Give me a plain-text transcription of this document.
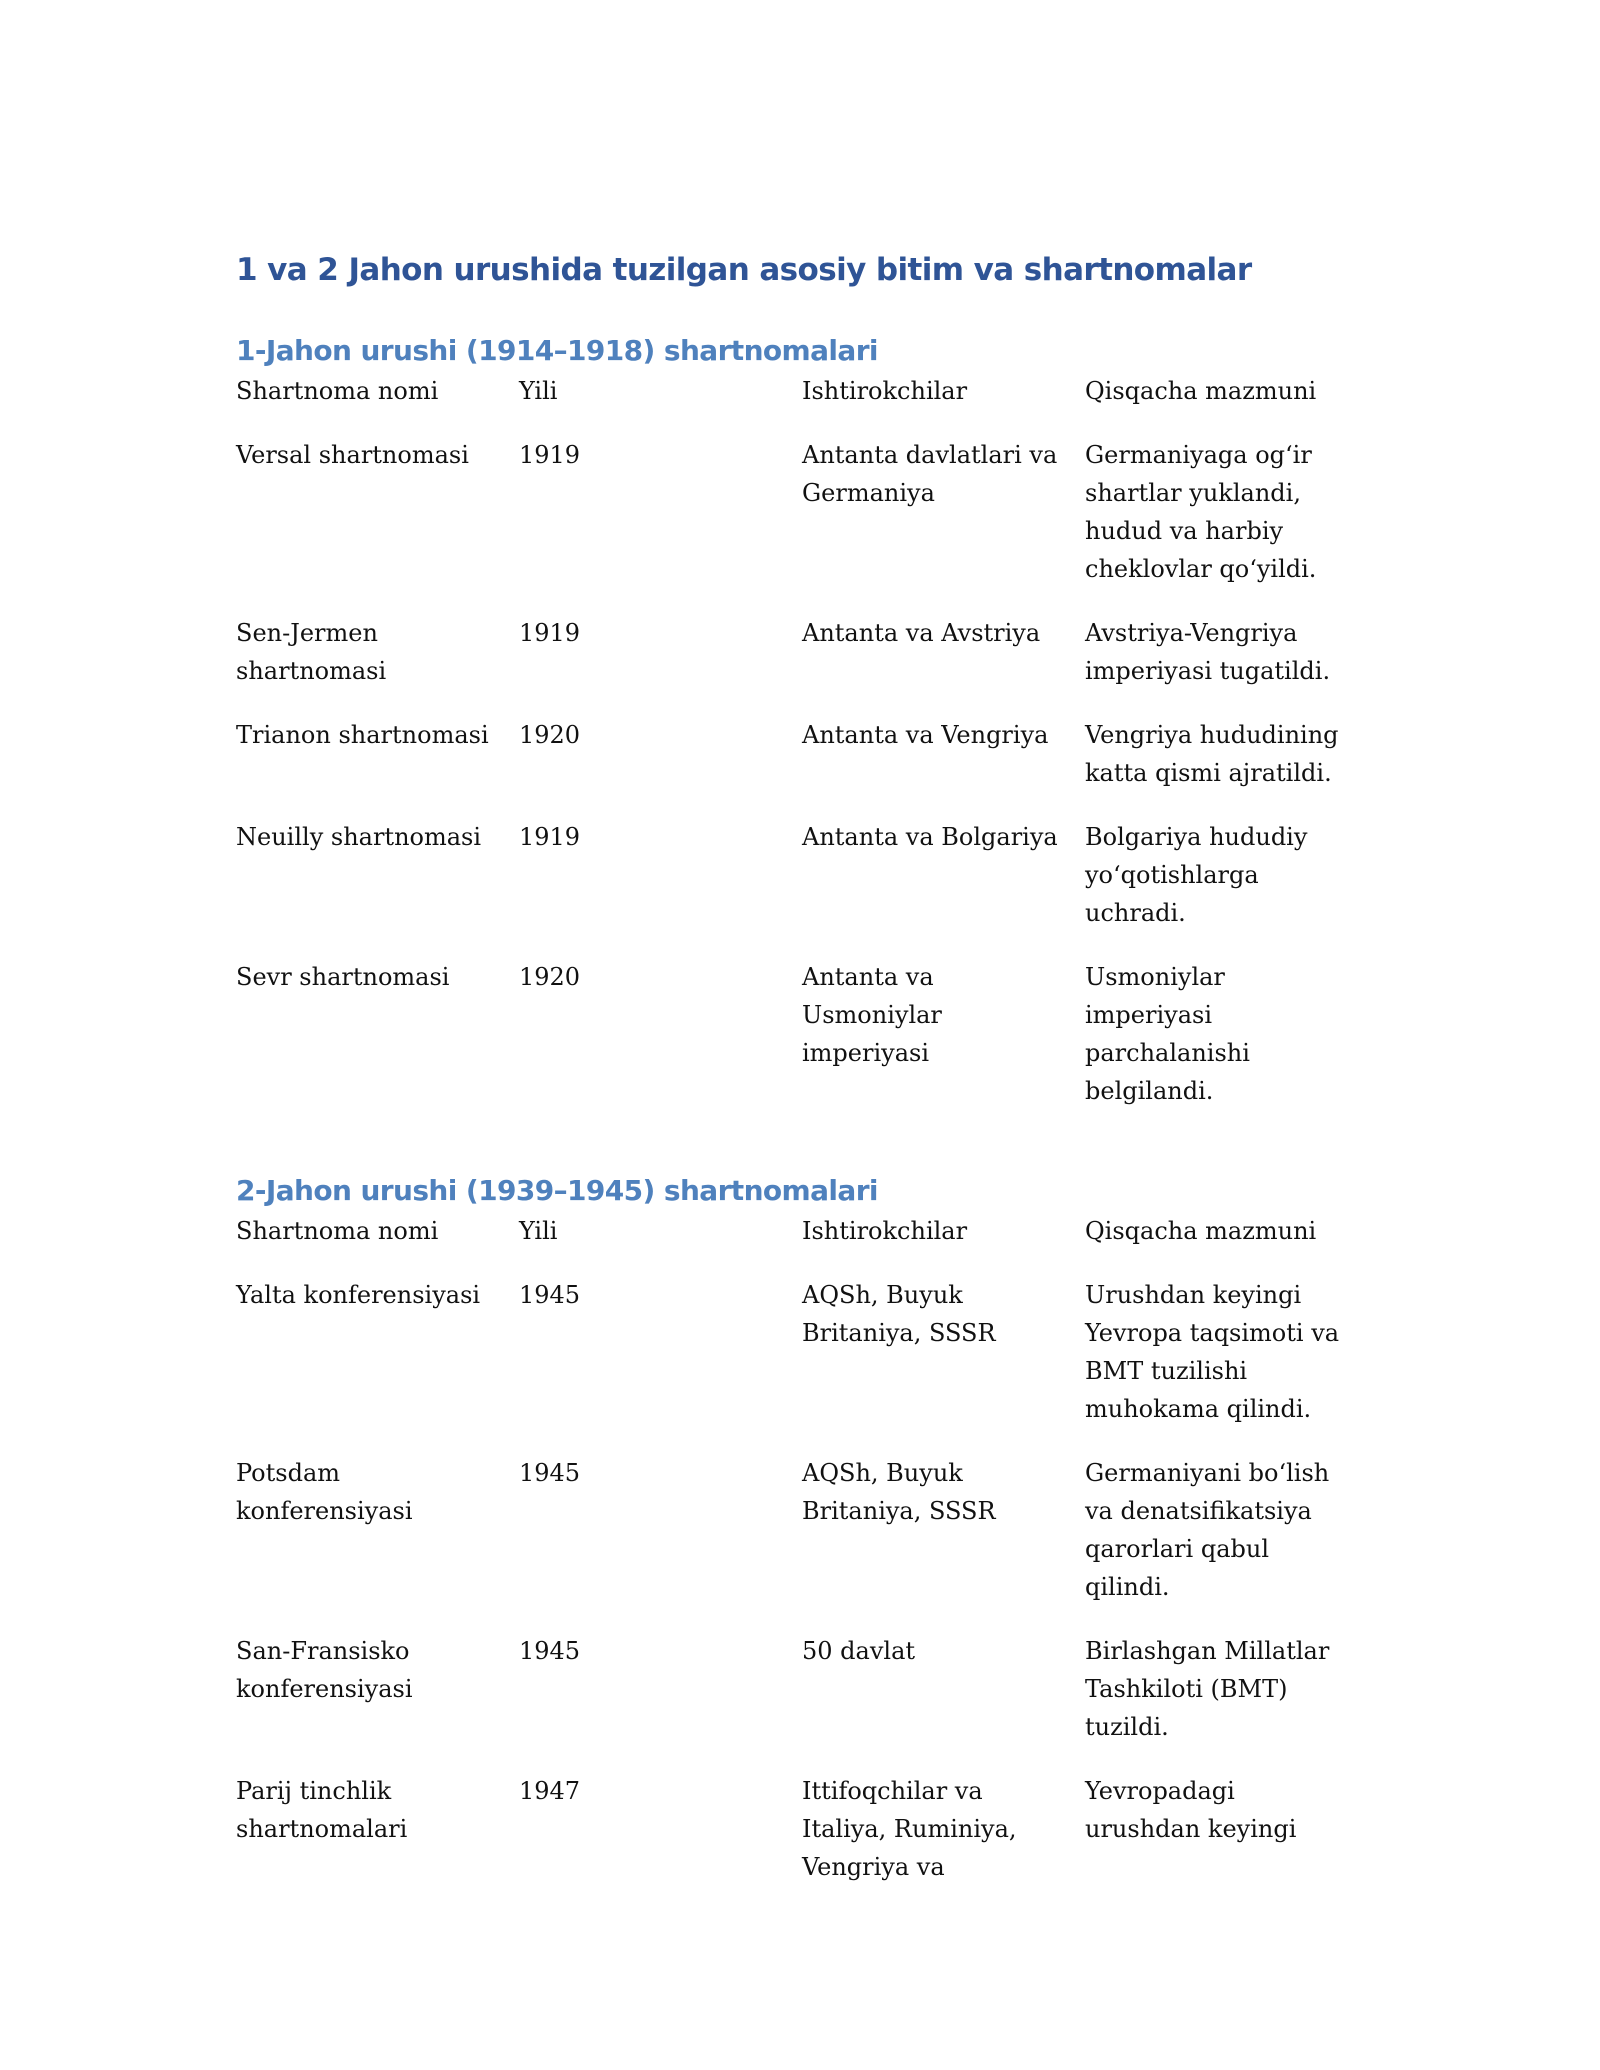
1 va 2 Jahon urushida tuzilgan asosiy bitim va shartnomalar
1-Jahon urushi (1914–1918) shartnomalari
Shartnoma nomi	Yili	Ishtirokchilar	Qisqacha mazmuni
Versal shartnomasi	1919	Antanta davlatlari va Germaniya	Germaniyaga og‘ir shartlar yuklandi, hudud va harbiy cheklovlar qo‘yildi.
Sen-Jermen shartnomasi	1919	Antanta va Avstriya	Avstriya-Vengriya imperiyasi tugatildi.
Trianon shartnomasi	1920	Antanta va Vengriya	Vengriya hududining katta qismi ajratildi.
Neuilly shartnomasi	1919	Antanta va Bolgariya	Bolgariya hududiy yo‘qotishlarga uchradi.
Sevr shartnomasi	1920	Antanta va Usmoniylar imperiyasi	Usmoniylar imperiyasi parchalanishi belgilandi.
2-Jahon urushi (1939–1945) shartnomalari
Shartnoma nomi	Yili	Ishtirokchilar	Qisqacha mazmuni
Yalta konferensiyasi	1945	AQSh, Buyuk Britaniya, SSSR	Urushdan keyingi Yevropa taqsimoti va BMT tuzilishi muhokama qilindi.
Potsdam konferensiyasi	1945	AQSh, Buyuk Britaniya, SSSR	Germaniyani bo‘lish va denatsifikatsiya qarorlari qabul qilindi.
San-Fransisko konferensiyasi	1945	50 davlat	Birlashgan Millatlar Tashkiloti (BMT) tuzildi.
Parij tinchlik shartnomalari	1947	Ittifoqchilar va Italiya, Ruminiya, Vengriya va	Yevropadagi urushdan keyingi
